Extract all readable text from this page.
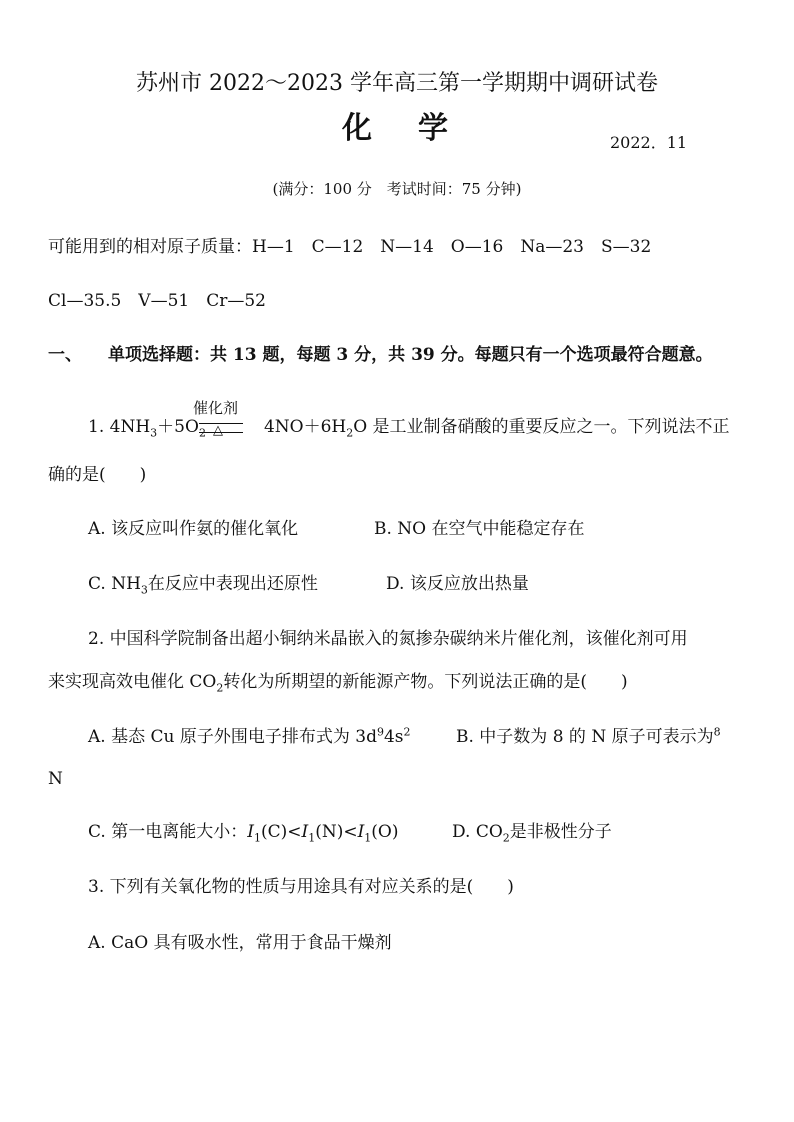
苏州市 2022～2023 学年高三第一学期期中调研试卷
化学	2022．11
(满分：100 分　考试时间：75 分钟)
可能用到的相对原子质量：H—1　C—12　N—14　O—16　Na—23　S—32
Cl—35.5　V—51　Cr—52
一、 单项选择题：共 13 题，每题 3 分，共 39 分。每题只有一个选项最符合题意。
催化剂
△
1. $4NH_3+5O_2$	$4NO+6H_2O$ 是工业制备硝酸的重要反应之一。下列说法不正
确的是(　　)
A. 该反应叫作氨的催化氧化	B. NO 在空气中能稳定存在
C. $NH_3$在反应中表现出还原性	D. 该反应放出热量
2. 中国科学院制备出超小铜纳米晶嵌入的氮掺杂碳纳米片催化剂，该催化剂可用
来实现高效电催化 $CO_2$转化为所期望的新能源产物。下列说法正确的是(　　)
A. 基态 Cu 原子外围电子排布式为 $3d^94s^2$	B. 中子数为 8 的 N 原子可表示为$^8$
N
C. 第一电离能大小：$I_1(C)<I_1(N)<I_1(O)$	D. $CO_2$是非极性分子
3. 下列有关氧化物的性质与用途具有对应关系的是(　　)
A. CaO 具有吸水性，常用于食品干燥剂
